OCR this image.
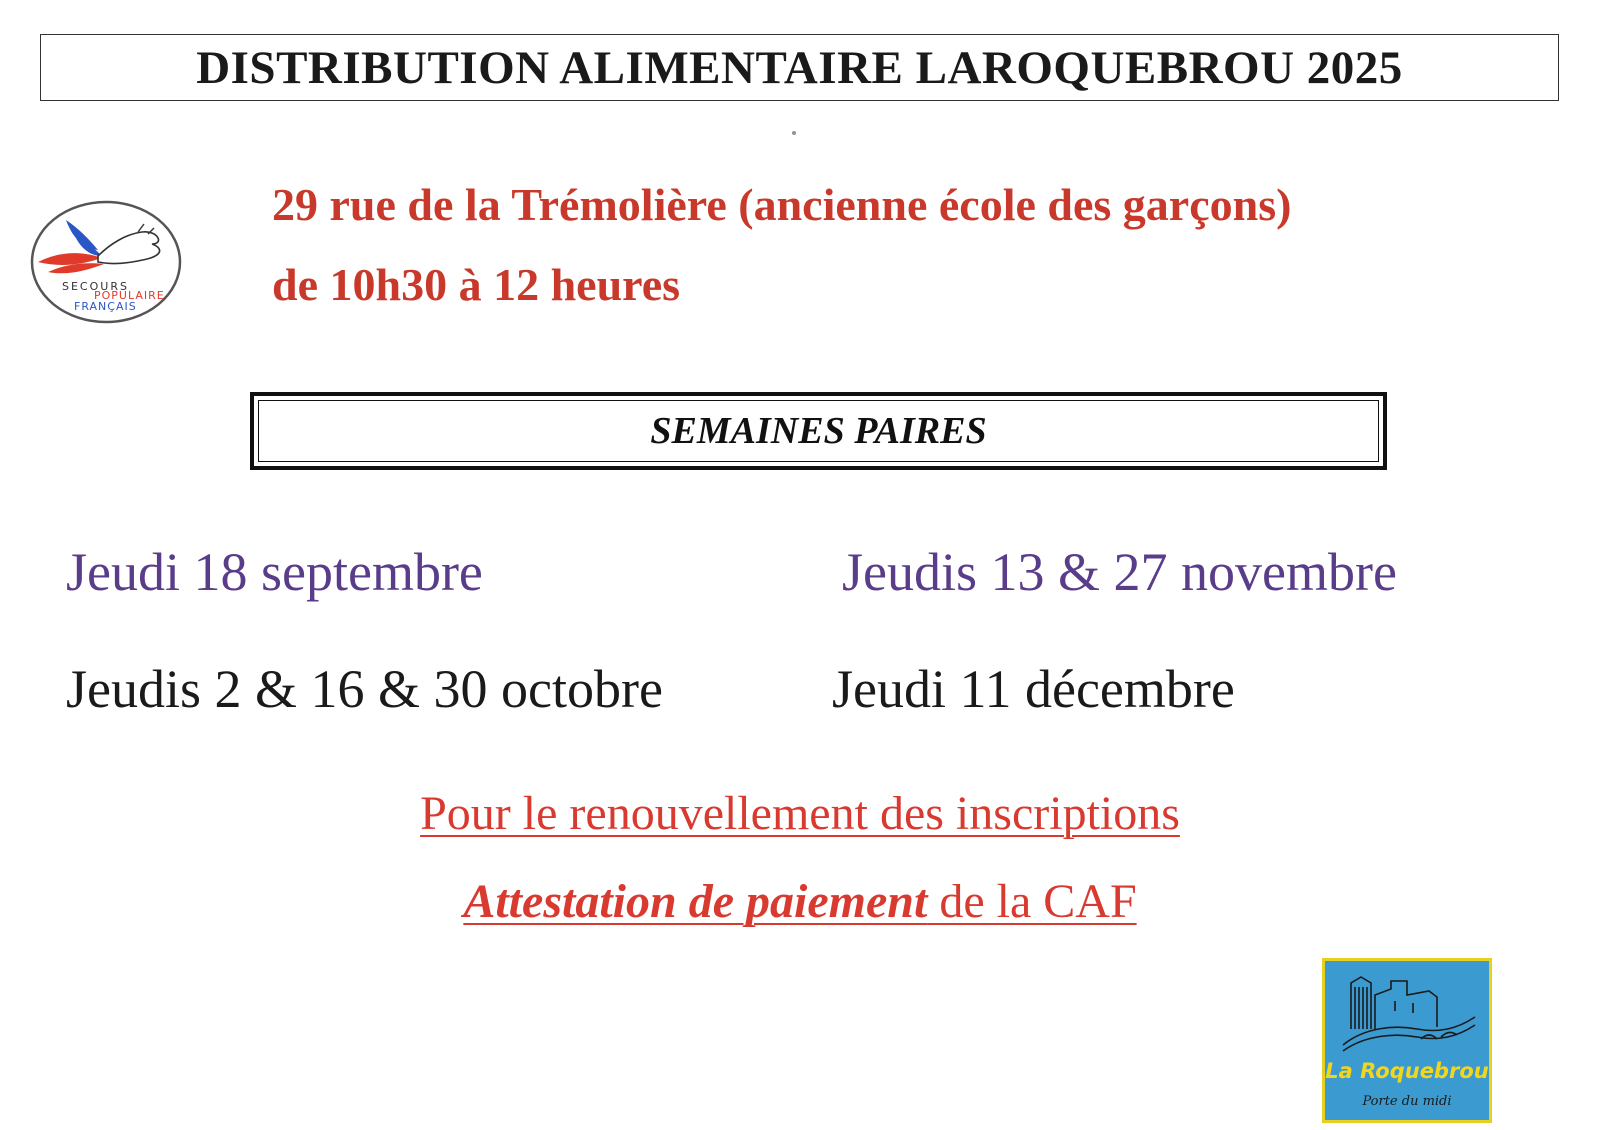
DISTRIBUTION ALIMENTAIRE LAROQUEBROU 2025
SECOURS
POPULAIRE
FRANÇAIS
29 rue de la Trémolière (ancienne école des garçons)
de 10h30 à 12 heures
SEMAINES PAIRES
Jeudi 18 septembre	Jeudis 13 & 27 novembre
Jeudis 2 & 16 & 30 octobre	Jeudi 11 décembre
Pour le renouvellement des inscriptions
Attestation de paiement de la CAF
La Roquebrou
Porte du midi
